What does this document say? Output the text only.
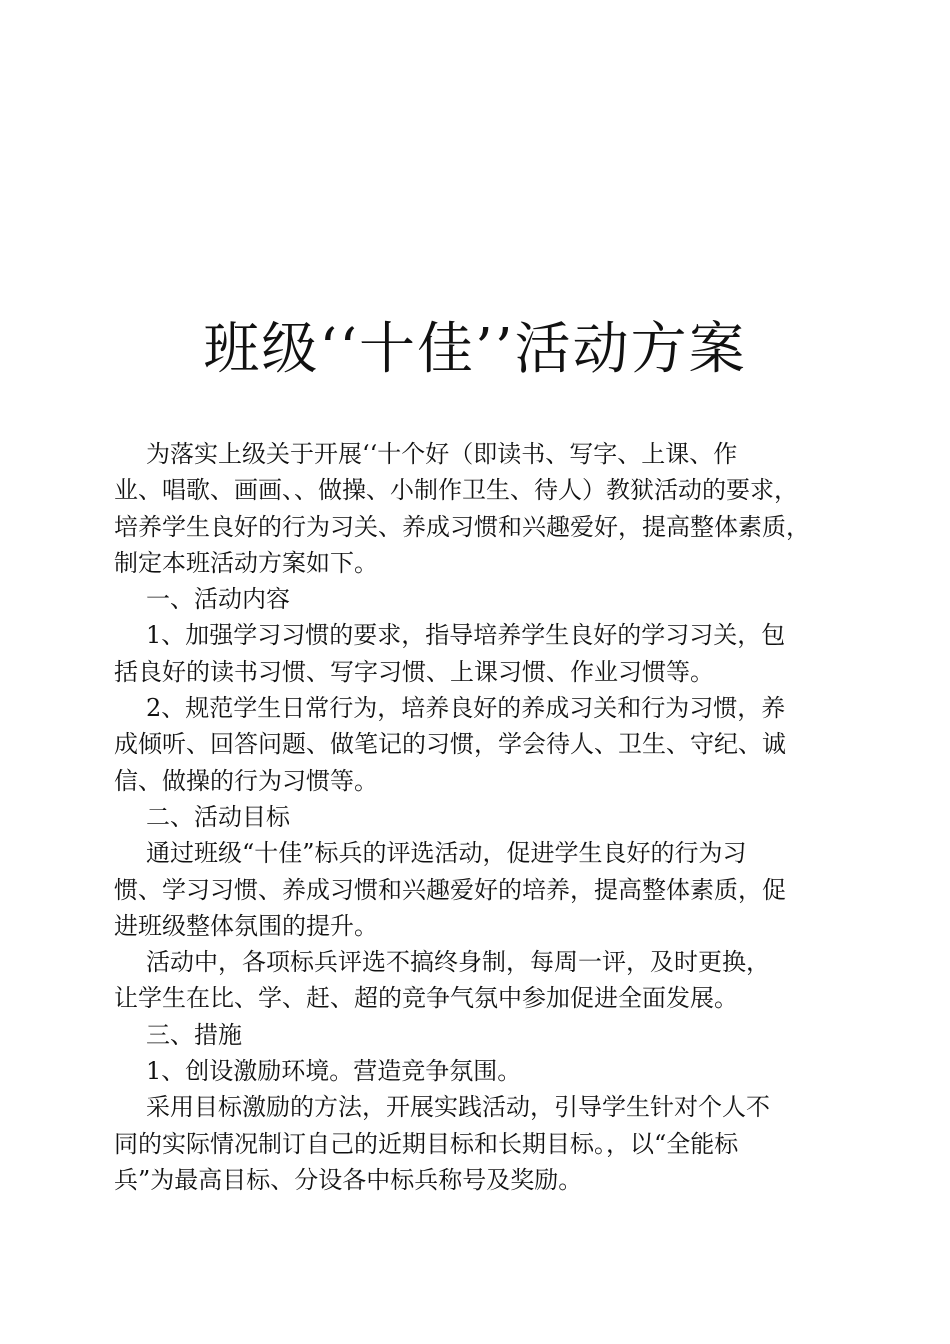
班级‘‘十佳’’活动方案
为落实上级关于开展‘‘十个好（即读书、写字、上课、作
业、唱歌、画画、、做操、小制作卫生、待人）教狱活动的要求，
培养学生良好的行为习关、养成习惯和兴趣爱好，提高整体素质，
制定本班活动方案如下。
一、活动内容
1、加强学习习惯的要求，指导培养学生良好的学习习关，包
括良好的读书习惯、写字习惯、上课习惯、作业习惯等。
2、规范学生日常行为，培养良好的养成习关和行为习惯，养
成倾听、回答问题、做笔记的习惯，学会待人、卫生、守纪、诚
信、做操的行为习惯等。
二、活动目标
通过班级“十佳”标兵的评选活动，促进学生良好的行为习
惯、学习习惯、养成习惯和兴趣爱好的培养，提高整体素质，促
进班级整体氛围的提升。
活动中，各项标兵评选不搞终身制，每周一评，及时更换，
让学生在比、学、赶、超的竞争气氛中参加促进全面发展。
三、措施
1、创设激励环境。营造竞争氛围。
采用目标激励的方法，开展实践活动，引导学生针对个人不
同的实际情况制订自己的近期目标和长期目标。，以“全能标
兵”为最高目标、分设各中标兵称号及奖励。
